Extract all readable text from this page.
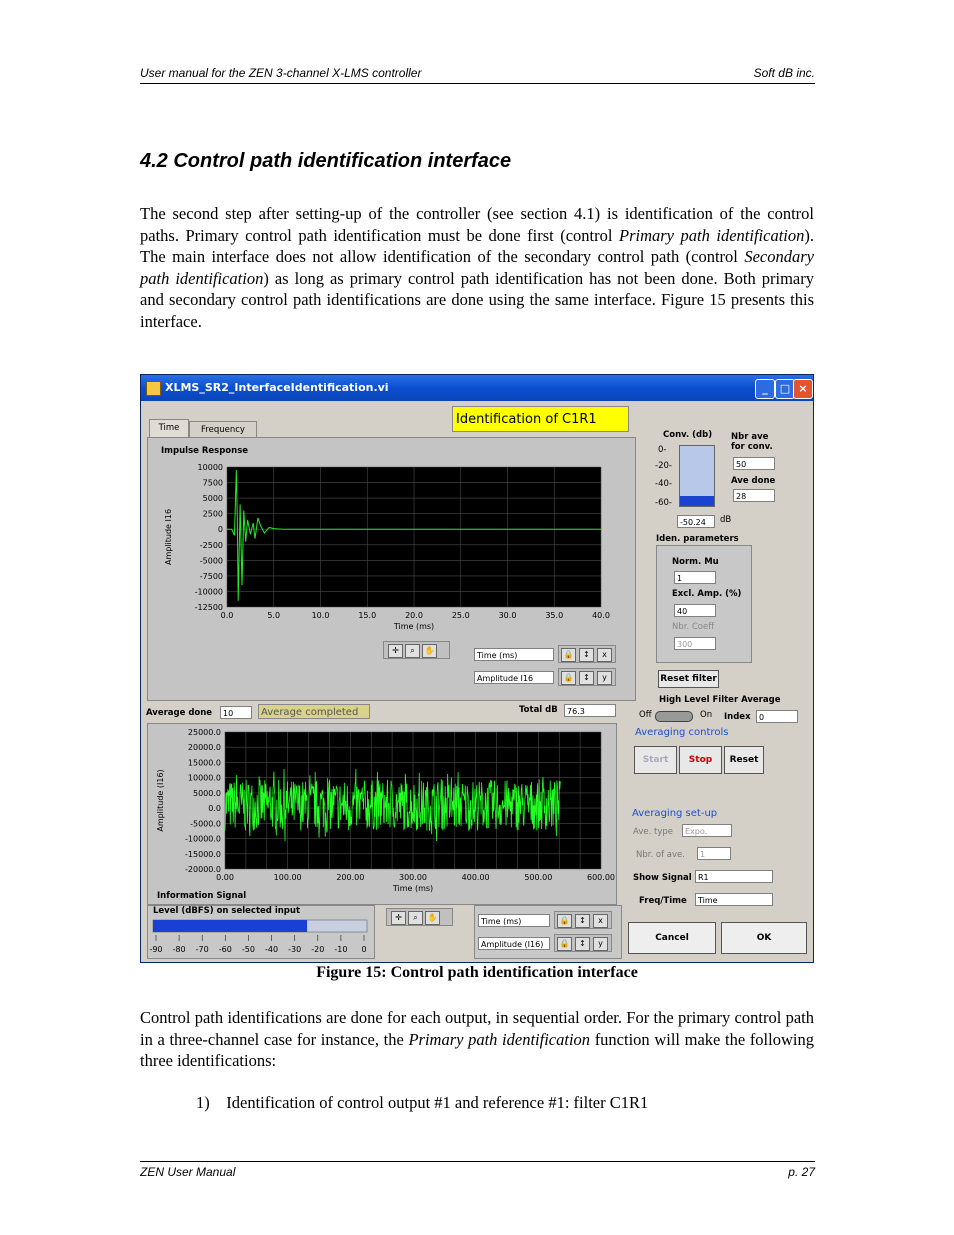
User manual for the ZEN 3-channel X-LMS controller	Soft dB inc.
4.2 Control path identification interface

The second step after setting-up of the controller (see section 4.1) is identification of the control paths. Primary control path identification must be done first (control Primary path identification). The main interface does not allow identification of the secondary control path (control Secondary path identification) as long as primary control path identification has not been done. Both primary and secondary control path identifications are done using the same interface. Figure 15 presents this interface.

XLMS_SR2_InterfaceIdentification.vi	_	□ ×
Time	Frequency
Identification of C1R1
Impulse Response
10000
7500
5000
2500
0
-2500
-5000
-7500
-10000
-12500
0.0	5.0	10.0	15.0	20.0	25.0	30.0	35.0	40.0
Time (ms)
Amplitude I16
✛	⌕	✋
Time (ms)
Amplitude I16
🔒	↕	x
🔒	↕	y
Average done	10	Average completed	Total dB	76.3
25000.0
20000.0
15000.0
10000.0
5000.0
0.0
-5000.0
-10000.0
-15000.0
-20000.0
0.00	100.00	200.00	300.00	400.00	500.00	600.00
Time (ms)
Amplitude (I16)
Information Signal
Level (dBFS) on selected input
-90 -80 -70 -60 -50 -40 -30 -20 -10 0
✛	⌕	✋	Time (ms)
Amplitude (I16)
🔒	↕	x
🔒	↕	y
Conv. (db)
0-
-20-
-40-
-60-
-50.24	dB
Nbr ave for conv.
50
Ave done
28
Iden. parameters
Norm. Mu
1
Excl. Amp. (%)
40
Nbr. Coeff
300
Reset filter
High Level Filter Average
Off	On Index	0
Averaging controls
Start	Stop	Reset
Averaging set-up
Ave. type	Expo.
Nbr. of ave.	1
Show Signal R1
Freq/Time	Time
Cancel	OK
Figure 15: Control path identification interface

Control path identifications are done for each output, in sequential order. For the primary control path in a three-channel case for instance, the Primary path identification function will make the following three identifications:

1) Identification of control output #1 and reference #1: filter C1R1
ZEN User Manual	p. 27
